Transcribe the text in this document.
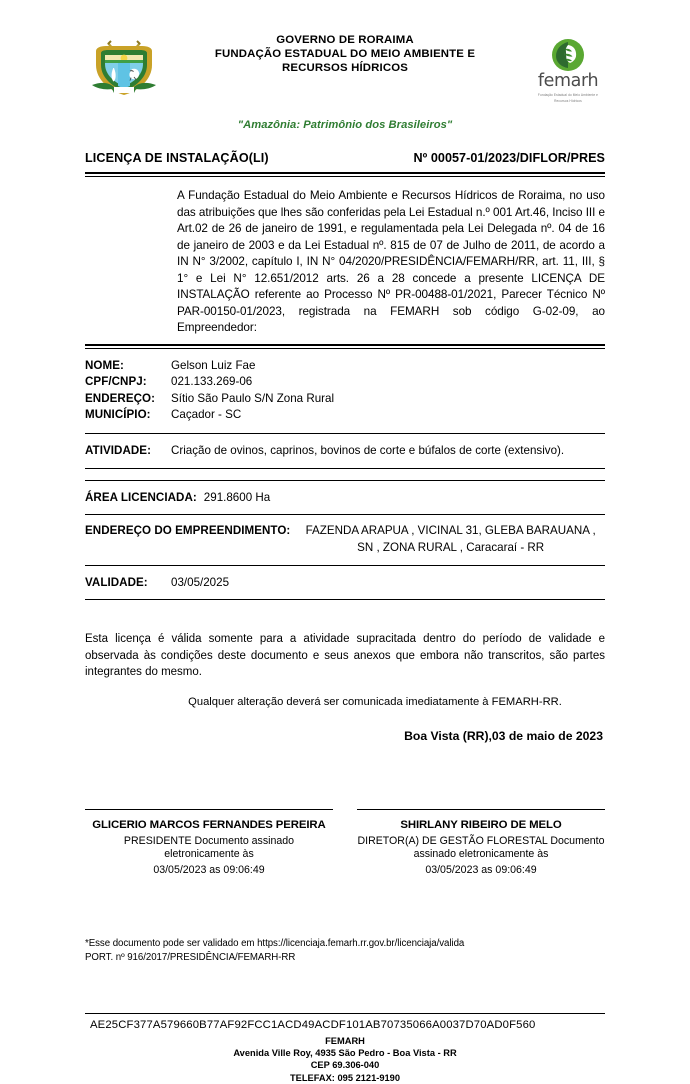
GOVERNO DE RORAIMA
FUNDAÇÃO ESTADUAL DO MEIO AMBIENTE E
RECURSOS HÍDRICOS
femarh
Fundação Estadual do Meio Ambiente e
Recursos Hídricos
"Amazônia: Patrimônio dos Brasileiros"
LICENÇA DE INSTALAÇÃO(LI)	Nº 00057-01/2023/DIFLOR/PRES
A Fundação Estadual do Meio Ambiente e Recursos Hídricos de Roraima, no uso das atribuições que lhes são conferidas pela Lei Estadual n.º 001 Art.46, Inciso III e Art.02 de 26 de janeiro de 1991, e regulamentada pela Lei Delegada nº. 04 de 16 de janeiro de 2003 e da Lei Estadual nº. 815 de 07 de Julho de 2011, de acordo a IN N° 3/2002, capítulo I, IN N° 04/2020/PRESIDÊNCIA/FEMARH/RR, art. 11, III, § 1° e Lei N° 12.651/2012 arts. 26 a 28 concede a presente LICENÇA DE INSTALAÇÃO referente ao Processo Nº PR-00488-01/2021, Parecer Técnico Nº PAR-00150-01/2023, registrada na FEMARH sob código G-02-09, ao Empreendedor:
NOME:	Gelson Luiz Fae
CPF/CNPJ:	021.133.269-06
ENDEREÇO:	Sítio São Paulo S/N Zona Rural
MUNICÍPIO:	Caçador - SC
ATIVIDADE:	Criação de ovinos, caprinos, bovinos de corte e búfalos de corte (extensivo).
ÁREA LICENCIADA: 291.8600 Ha
ENDEREÇO DO EMPREENDIMENTO:	FAZENDA ARAPUA , VICINAL 31, GLEBA BARAUANA ,
SN , ZONA RURAL , Caracaraí - RR
VALIDADE:	03/05/2025
Esta licença é válida somente para a atividade supracitada dentro do período de validade e observada às condições deste documento e seus anexos que embora não transcritos, são partes integrantes do mesmo.
Qualquer alteração deverá ser comunicada imediatamente à FEMARH-RR.
Boa Vista (RR),03 de maio de 2023
GLICERIO MARCOS FERNANDES PEREIRA
PRESIDENTE Documento assinado eletronicamente às
03/05/2023 as 09:06:49
SHIRLANY RIBEIRO DE MELO
DIRETOR(A) DE GESTÃO FLORESTAL Documento assinado eletronicamente às
03/05/2023 as 09:06:49
*Esse documento pode ser validado em https://licenciaja.femarh.rr.gov.br/licenciaja/valida
PORT. nº 916/2017/PRESIDÊNCIA/FEMARH-RR
AE25CF377A579660B77AF92FCC1ACD49ACDF101AB70735066A0037D70AD0F560
FEMARH
Avenida Ville Roy, 4935 São Pedro - Boa Vista - RR
CEP 69.306-040
TELEFAX: 095 2121-9190
